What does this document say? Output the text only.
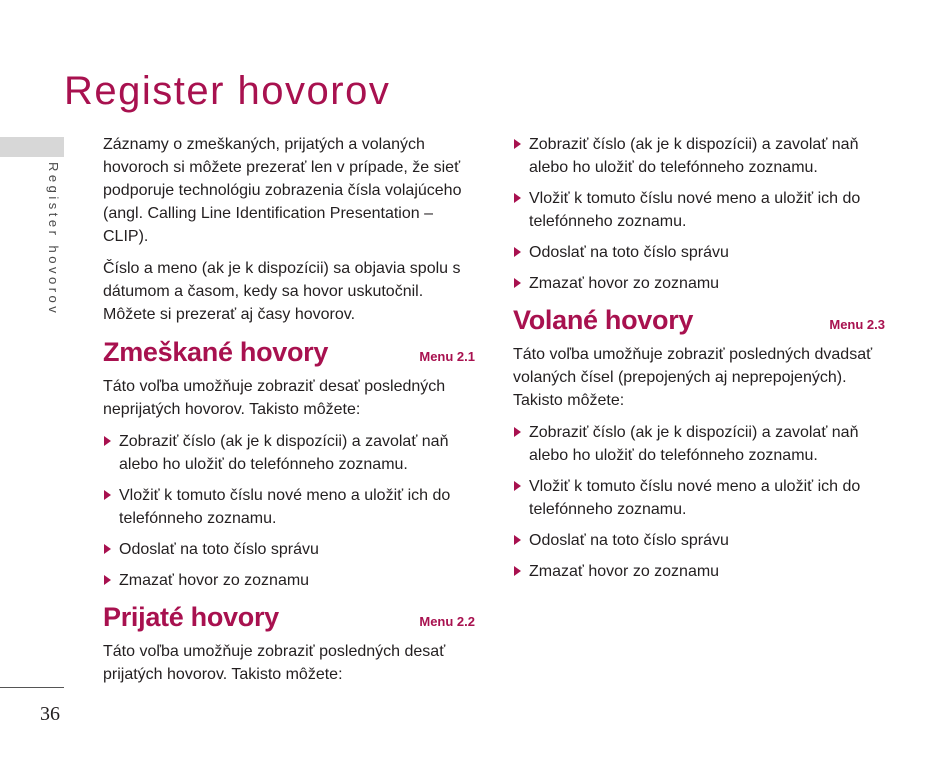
Register hovorov
Register hovorov
36

Záznamy o zmeškaných, prijatých a volaných hovoroch si môžete prezerať len v prípade, že sieť podporuje technológiu zobrazenia čísla volajúceho (angl. Calling Line Identification Presentation – CLIP).

Číslo a meno (ak je k dispozícii) sa objavia spolu s dátumom a časom, kedy sa hovor uskutočnil. Môžete si prezerať aj časy hovorov.

Zmeškané hovory	Menu 2.1

Táto voľba umožňuje zobraziť desať posledných neprijatých hovorov. Takisto môžete:

Zobraziť číslo (ak je k dispozícii) a zavolať naň alebo ho uložiť do telefónneho zoznamu.
Vložiť k tomuto číslu nové meno a uložiť ich do telefónneho zoznamu.
Odoslať na toto číslo správu
Zmazať hovor zo zoznamu
Prijaté hovory	Menu 2.2

Táto voľba umožňuje zobraziť posledných desať prijatých hovorov. Takisto môžete:

Zobraziť číslo (ak je k dispozícii) a zavolať naň alebo ho uložiť do telefónneho zoznamu.
Vložiť k tomuto číslu nové meno a uložiť ich do telefónneho zoznamu.
Odoslať na toto číslo správu
Zmazať hovor zo zoznamu
Volané hovory	Menu 2.3

Táto voľba umožňuje zobraziť posledných dvadsať volaných čísel (prepojených aj neprepojených). Takisto môžete:

Zobraziť číslo (ak je k dispozícii) a zavolať naň alebo ho uložiť do telefónneho zoznamu.
Vložiť k tomuto číslu nové meno a uložiť ich do telefónneho zoznamu.
Odoslať na toto číslo správu
Zmazať hovor zo zoznamu
